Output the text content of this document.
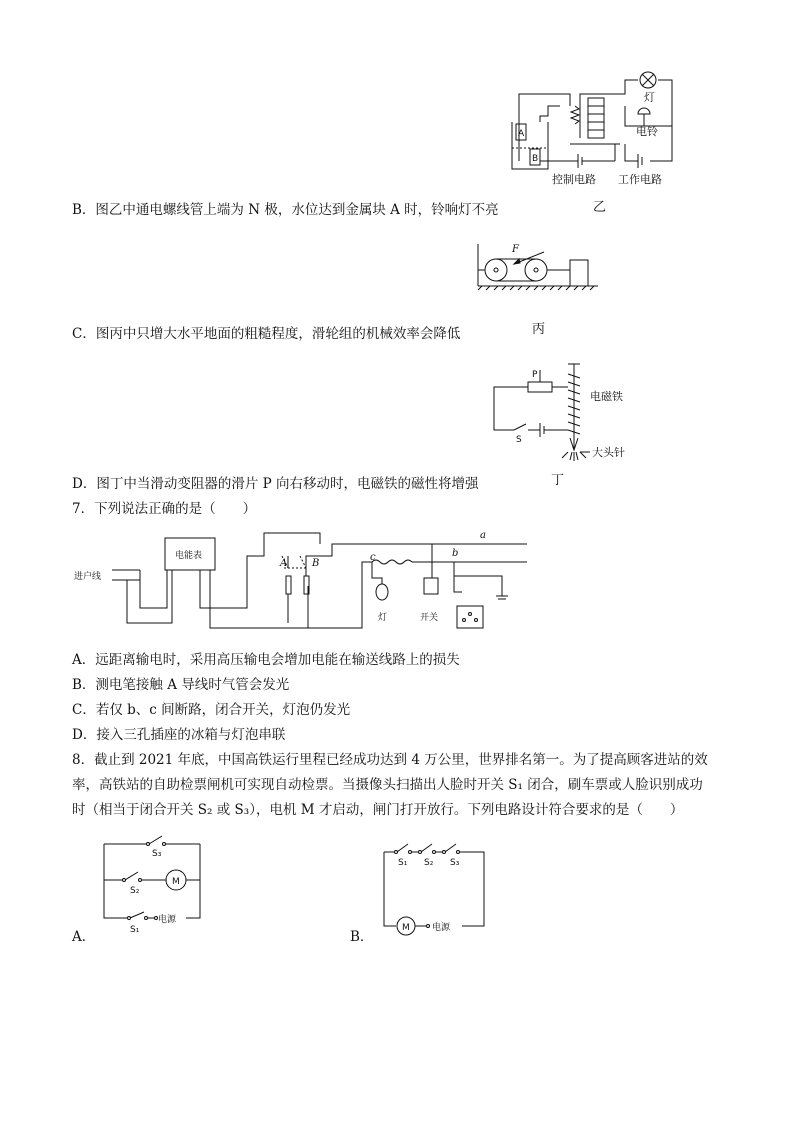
A
B
灯
电铃
控制电路 工作电路
乙
B．图乙中通电螺线管上端为 N 极，水位达到金属块 A 时，铃响灯不亮
F
丙
C．图丙中只增大水平地面的粗糙程度，滑轮组的机械效率会降低
P
电磁铁
S
大头针
丁
D．图丁中当滑动变阻器的滑片 P 向右移动时，电磁铁的磁性将增强
7．下列说法正确的是（　　）
进户线
电能表
A B
c	b
a
灯	开关
A．远距离输电时，采用高压输电会增加电能在输送线路上的损失
B．测电笔接触 A 导线时气管会发光
C．若仅 b、c 间断路，闭合开关，灯泡仍发光
D．接入三孔插座的冰箱与灯泡串联
8．截止到 2021 年底，中国高铁运行里程已经成功达到 4 万公里，世界排名第一。为了提高顾客进站的效
率，高铁站的自助检票闸机可实现自动检票。当摄像头扫描出人脸时开关 S₁ 闭合，刷车票或人脸识别成功
时（相当于闭合开关 S₂ 或 S₃），电机 M 才启动，闸门打开放行。下列电路设计符合要求的是（　　）
M
S₃
S₂
S₁
电源
A．
M
S₁ S₂ S₃
电源
B．
